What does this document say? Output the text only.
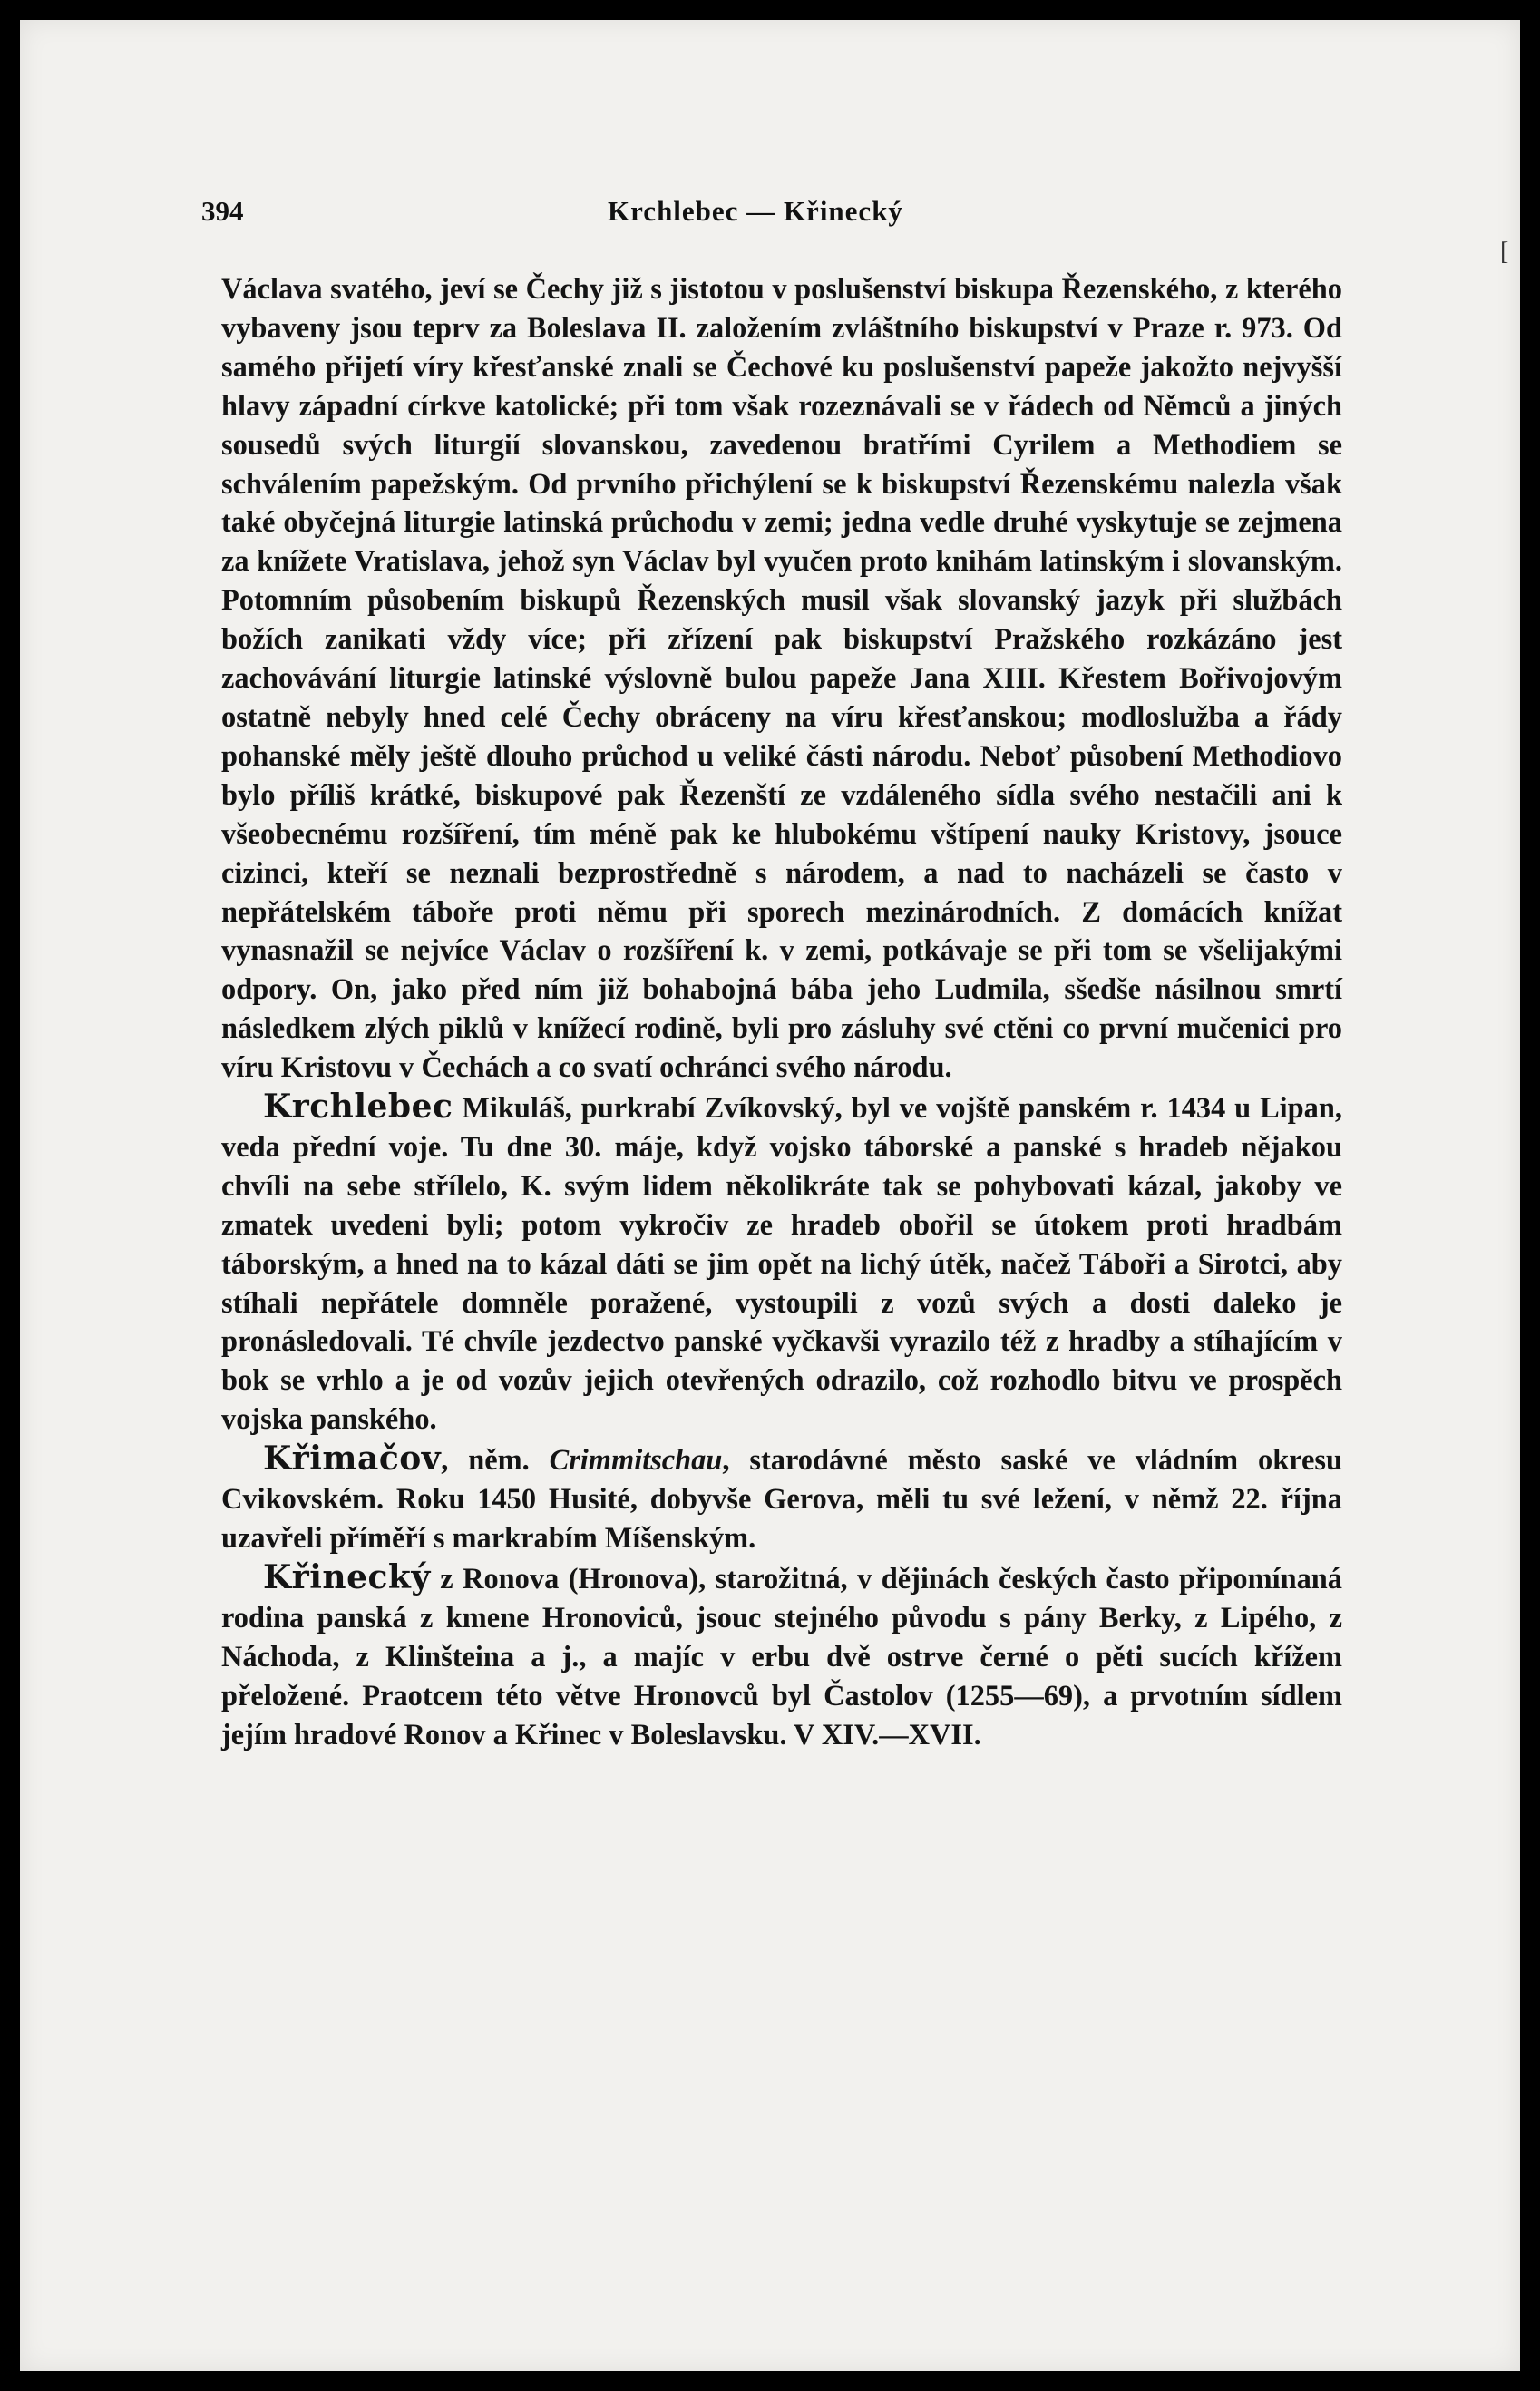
394	Krchlebec — Křinecký
[

Václava svatého, jeví se Čechy již s jistotou v poslušenství biskupa Řezenského, z kterého vybaveny jsou teprv za Boleslava II. založením zvláštního biskupství v Praze r. 973. Od samého přijetí víry křesťanské znali se Čechové ku poslušenství papeže jakožto nejvyšší hlavy západní církve katolické; při tom však rozeznávali se v řádech od Němců a jiných sousedů svých liturgií slovanskou, zavedenou bratřími Cyrilem a Methodiem se schválením papežským. Od prvního přichýlení se k biskupství Řezenskému nalezla však také obyčejná liturgie latinská průchodu v zemi; jedna vedle druhé vyskytuje se zejmena za knížete Vratislava, jehož syn Václav byl vyučen proto knihám latinským i slovanským. Potomním působením biskupů Řezenských musil však slovanský jazyk při službách božích zanikati vždy více; při zřízení pak biskupství Pražského rozkázáno jest zachovávání liturgie latinské výslovně bulou papeže Jana XIII. Křestem Bořivojovým ostatně nebyly hned celé Čechy obráceny na víru křesťanskou; modloslužba a řády pohanské měly ještě dlouho průchod u veliké části národu. Neboť působení Methodiovo bylo příliš krátké, biskupové pak Řezenští ze vzdáleného sídla svého nestačili ani k všeobecnému rozšíření, tím méně pak ke hlubokému vštípení nauky Kristovy, jsouce cizinci, kteří se neznali bezprostředně s národem, a nad to nacházeli se často v nepřátelském táboře proti němu při sporech mezinárodních. Z domácích knížat vynasnažil se nejvíce Václav o rozšíření k. v zemi, potkávaje se při tom se všelijakými odpory. On, jako před ním již bohabojná bába jeho Ludmila, sšedše násilnou smrtí následkem zlých piklů v knížecí rodině, byli pro zásluhy své ctěni co první mučenici pro víru Kristovu v Čechách a co svatí ochránci svého národu.

Krchlebec Mikuláš, purkrabí Zvíkovský, byl ve vojště panském r. 1434 u Lipan, veda přední voje. Tu dne 30. máje, když vojsko táborské a panské s hradeb nějakou chvíli na sebe střílelo, K. svým lidem několikráte tak se pohybovati kázal, jakoby ve zmatek uvedeni byli; potom vykročiv ze hradeb obořil se útokem proti hradbám táborským, a hned na to kázal dáti se jim opět na lichý útěk, načež Táboři a Sirotci, aby stíhali nepřátele domněle poražené, vystoupili z vozů svých a dosti daleko je pronásledovali. Té chvíle jezdectvo panské vyčkavši vyrazilo též z hradby a stíhajícím v bok se vrhlo a je od vozův jejich otevřených odrazilo, což rozhodlo bitvu ve prospěch vojska panského.

Křimačov, něm. Crimmitschau, starodávné město saské ve vládním okresu Cvikovském. Roku 1450 Husité, dobyvše Gerova, měli tu své ležení, v němž 22. října uzavřeli příměří s markrabím Míšenským.

Křinecký z Ronova (Hronova), starožitná, v dějinách českých často připomínaná rodina panská z kmene Hronoviců, jsouc stejného původu s pány Berky, z Lipého, z Náchoda, z Klinšteina a j., a majíc v erbu dvě ostrve černé o pěti sucích křížem přeložené. Praotcem této větve Hronovců byl Častolov (1255—69), a prvotním sídlem jejím hradové Ronov a Křinec v Boleslavsku. V XIV.—XVII.
